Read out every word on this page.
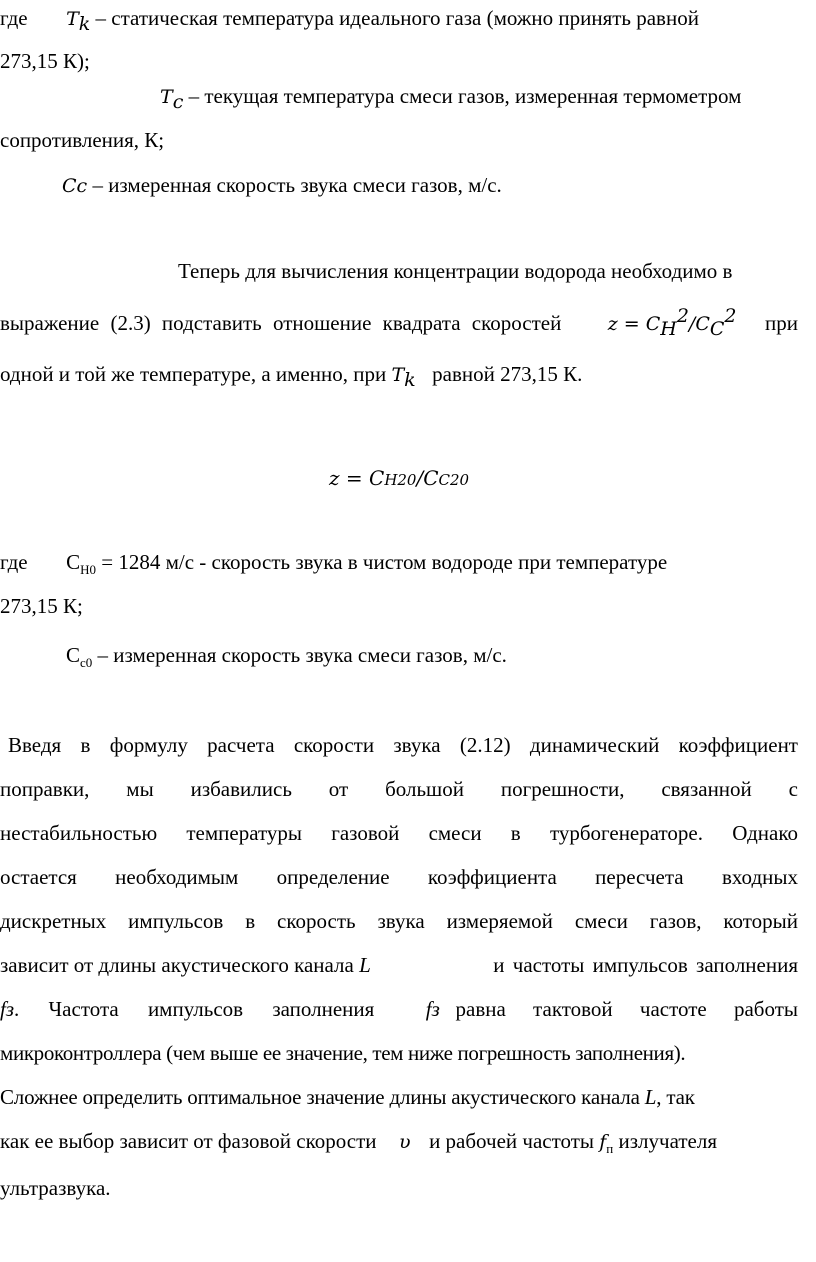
где $T_k$ – статическая температура идеального газа (можно принять равной
273,15 К);
$T_c$ – текущая температура смеси газов, измеренная термометром
сопротивления, К;
Cc – измеренная скорость звука смеси газов, м/с.
Теперь для вычисления концентрации водорода необходимо в
выражение (2.3) подставить отношение квадрата скоростей $z = C_H^2/C_C^2$ при
одной и той же температуре, а именно, при $T_k$ равной 273,15 К.
z = CH20/CC20
где $С_{Н0} = 1284$ м/с - скорость звука в чистом водороде при температуре
273,15 К;
$С_{с0}$ – измеренная скорость звука смеси газов, м/с.
Введя в формулу расчета скорости звука (2.12) динамический коэффициент
поправки, мы избавились от большой погрешности, связанной с
нестабильностью температуры газовой смеси в турбогенераторе. Однако
остается необходимым определение коэффициента пересчета входных
дискретных импульсов в скорость звука измеряемой смеси газов, который
зависит от длины акустического канала L	и частоты импульсов заполнения
fз. Частота импульсов заполнения fз равна тактовой частоте работы
микроконтроллера (чем выше ее значение, тем ниже погрешность заполнения).
Сложнее определить оптимальное значение длины акустического канала L, так
как ее выбор зависит от фазовой скорости υ и рабочей частоты $f_п$ излучателя
ультразвука.
